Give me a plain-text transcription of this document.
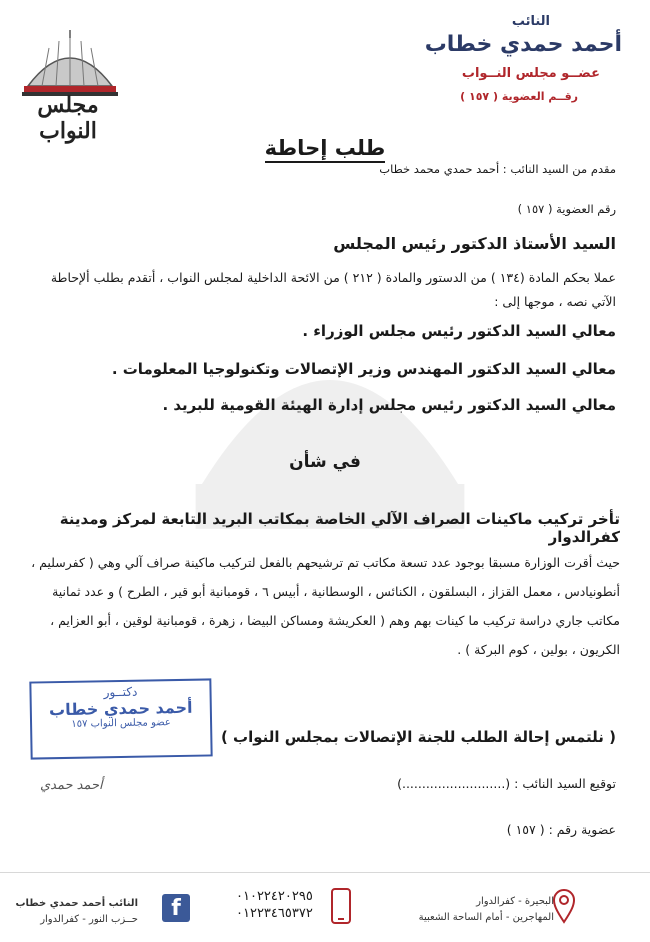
مجلس النواب
النائب
أحمد حمدي خطاب
عضــو مجلس النــواب
رقــم العضوية ( ١٥٧ )
طلب إحاطة
مقدم من السيد النائب : أحمد حمدي محمد خطاب
رقم العضوية ( ١٥٧ )
السيد الأستاذ الدكتور رئيس المجلس
عملا بحكم المادة (١٣٤ ) من الدستور والمادة ( ٢١٢ ) من الائحة الداخلية لمجلس النواب ، أتقدم بطلب ألإحاطة الآتي نصه ، موجها إلى :
معالي السيد الدكتور رئيس مجلس الوزراء .
معالي السيد الدكتور المهندس وزير الإتصالات وتكنولوجيا المعلومات .
معالي السيد الدكتور رئيس مجلس إدارة الهيئة القومية للبريد .
في شأن
تأخر تركيب ماكينات الصراف الآلي الخاصة بمكاتب البريد التابعة لمركز ومدينة كفرالدوار
حيث أقرت الوزارة مسبقا بوجود عدد تسعة مكاتب تم ترشيحهم بالفعل لتركيب ماكينة صراف آلي وهي ( كفرسليم ، أنطونيادس ، معمل القزاز ، البسلقون ، الكنائس ، الوسطانية ، أبيس ٦ ، قومبانية أبو قير ، الطرح ) و عدد ثمانية مكاتب جاري دراسة تركيب ما كينات بهم وهم ( العكريشة ومساكن البيضا ، زهرة ، قومبانية لوقين ، أبو العزايم ، الكريون ، بولين ، كوم البركة ) .
دكتــور
أحمد حمدي خطاب
عضو مجلس النواب ١٥٧
( نلتمس إحالة الطلب للجنة الإتصالات بمجلس النواب )
توقيع السيد النائب : (..........................)
أحمد حمدي
عضوية رقم : ( ١٥٧ )
النائب أحمد حمدي خطاب
حــزب النور - كفرالدوار	f	٠١٠٢٢٤٢٠٢٩٥
٠١٢٢٣٤٦٥٣٧٢
البحيرة - كفرالدوار
المهاجرين - أمام الساحة الشعبية
